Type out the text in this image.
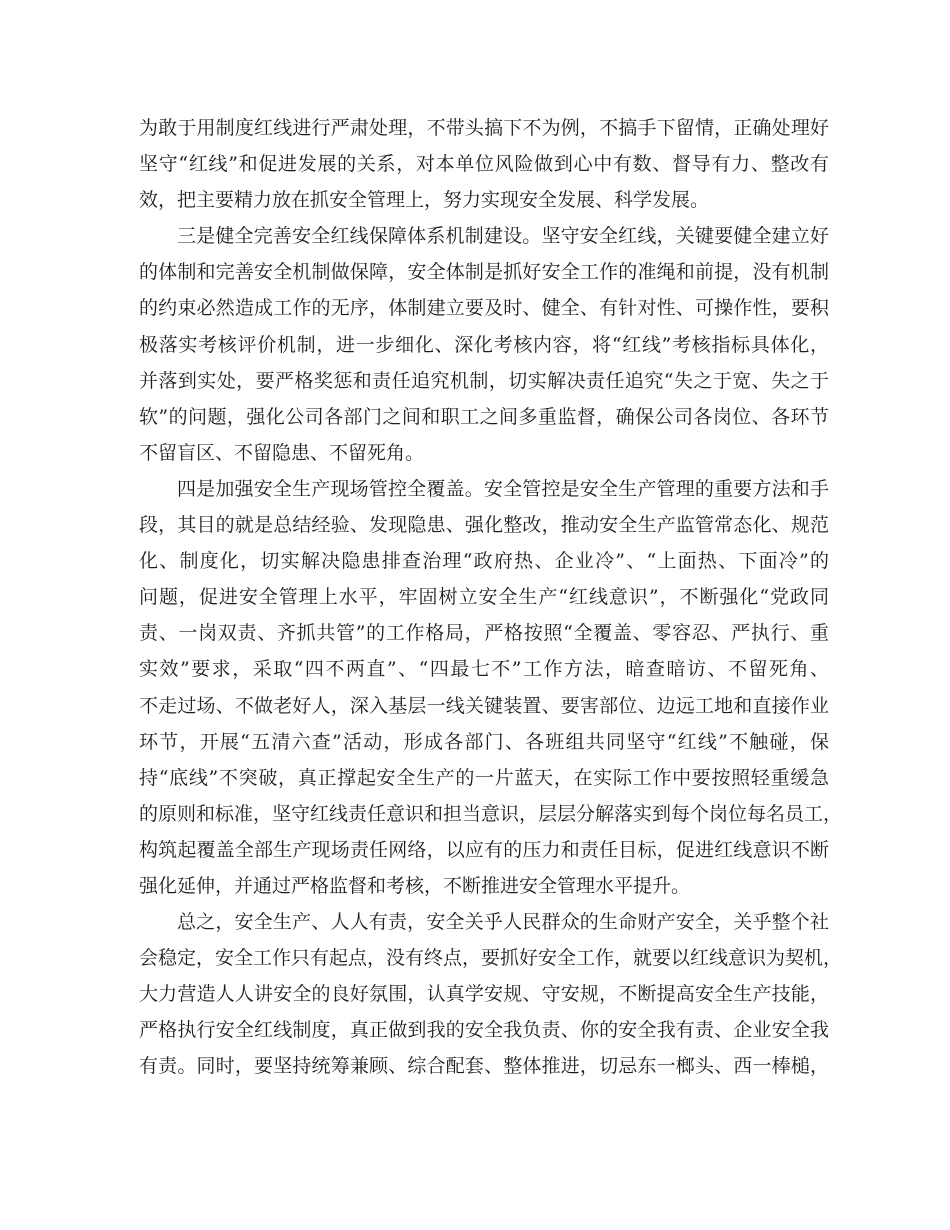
为敢于用制度红线进行严肃处理，不带头搞下不为例，不搞手下留情，正确处理好
坚守“红线”和促进发展的关系，对本单位风险做到心中有数、督导有力、整改有
效，把主要精力放在抓安全管理上，努力实现安全发展、科学发展。
三是健全完善安全红线保障体系机制建设。坚守安全红线，关键要健全建立好
的体制和完善安全机制做保障，安全体制是抓好安全工作的准绳和前提，没有机制
的约束必然造成工作的无序，体制建立要及时、健全、有针对性、可操作性，要积
极落实考核评价机制，进一步细化、深化考核内容，将“红线”考核指标具体化，
并落到实处，要严格奖惩和责任追究机制，切实解决责任追究“失之于宽、失之于
软”的问题，强化公司各部门之间和职工之间多重监督，确保公司各岗位、各环节
不留盲区、不留隐患、不留死角。
四是加强安全生产现场管控全覆盖。安全管控是安全生产管理的重要方法和手
段，其目的就是总结经验、发现隐患、强化整改，推动安全生产监管常态化、规范
化、制度化，切实解决隐患排查治理“政府热、企业冷”、“上面热、下面冷”的
问题，促进安全管理上水平，牢固树立安全生产“红线意识”，不断强化“党政同
责、一岗双责、齐抓共管”的工作格局，严格按照“全覆盖、零容忍、严执行、重
实效”要求，采取“四不两直”、“四最七不”工作方法，暗查暗访、不留死角、
不走过场、不做老好人，深入基层一线关键装置、要害部位、边远工地和直接作业
环节，开展“五清六查”活动，形成各部门、各班组共同坚守“红线”不触碰，保
持“底线”不突破，真正撑起安全生产的一片蓝天，在实际工作中要按照轻重缓急
的原则和标准，坚守红线责任意识和担当意识，层层分解落实到每个岗位每名员工，
构筑起覆盖全部生产现场责任网络，以应有的压力和责任目标，促进红线意识不断
强化延伸，并通过严格监督和考核，不断推进安全管理水平提升。
总之，安全生产、人人有责，安全关乎人民群众的生命财产安全，关乎整个社
会稳定，安全工作只有起点，没有终点，要抓好安全工作，就要以红线意识为契机，
大力营造人人讲安全的良好氛围，认真学安规、守安规，不断提高安全生产技能，
严格执行安全红线制度，真正做到我的安全我负责、你的安全我有责、企业安全我
有责。同时，要坚持统筹兼顾、综合配套、整体推进，切忌东一榔头、西一棒槌，
